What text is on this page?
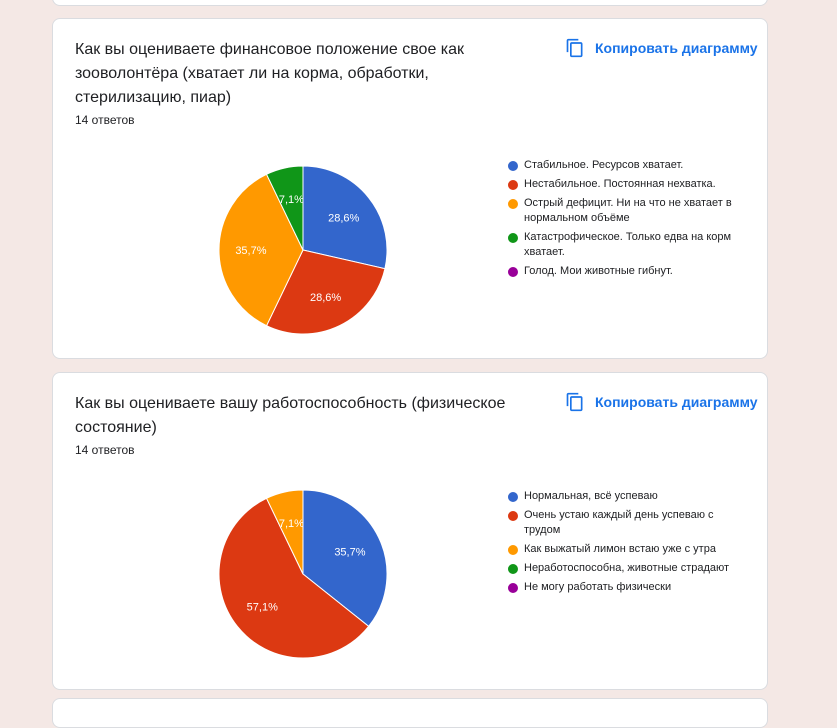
Как вы оцениваете финансовое положение свое как зооволонтёра (хватает ли на корма, обработки, стерилизацию, пиар)
14 ответов
Копировать диаграмму
28,6%
28,6%
35,7%
7,1%
Стабильное. Ресурсов хватает.
Нестабильное. Постоянная нехватка.
Острый дефицит. Ни на что не хватает в нормальном объёме
Катастрофическое. Только едва на корм хватает.
Голод. Мои животные гибнут.
Как вы оцениваете вашу работоспособность (физическое состояние)
14 ответов
Копировать диаграмму
35,7%
57,1%
7,1%
Нормальная, всё успеваю
Очень устаю каждый день успеваю с трудом
Как выжатый лимон встаю уже с утра
Неработоспособна, животные страдают
Не могу работать физически
